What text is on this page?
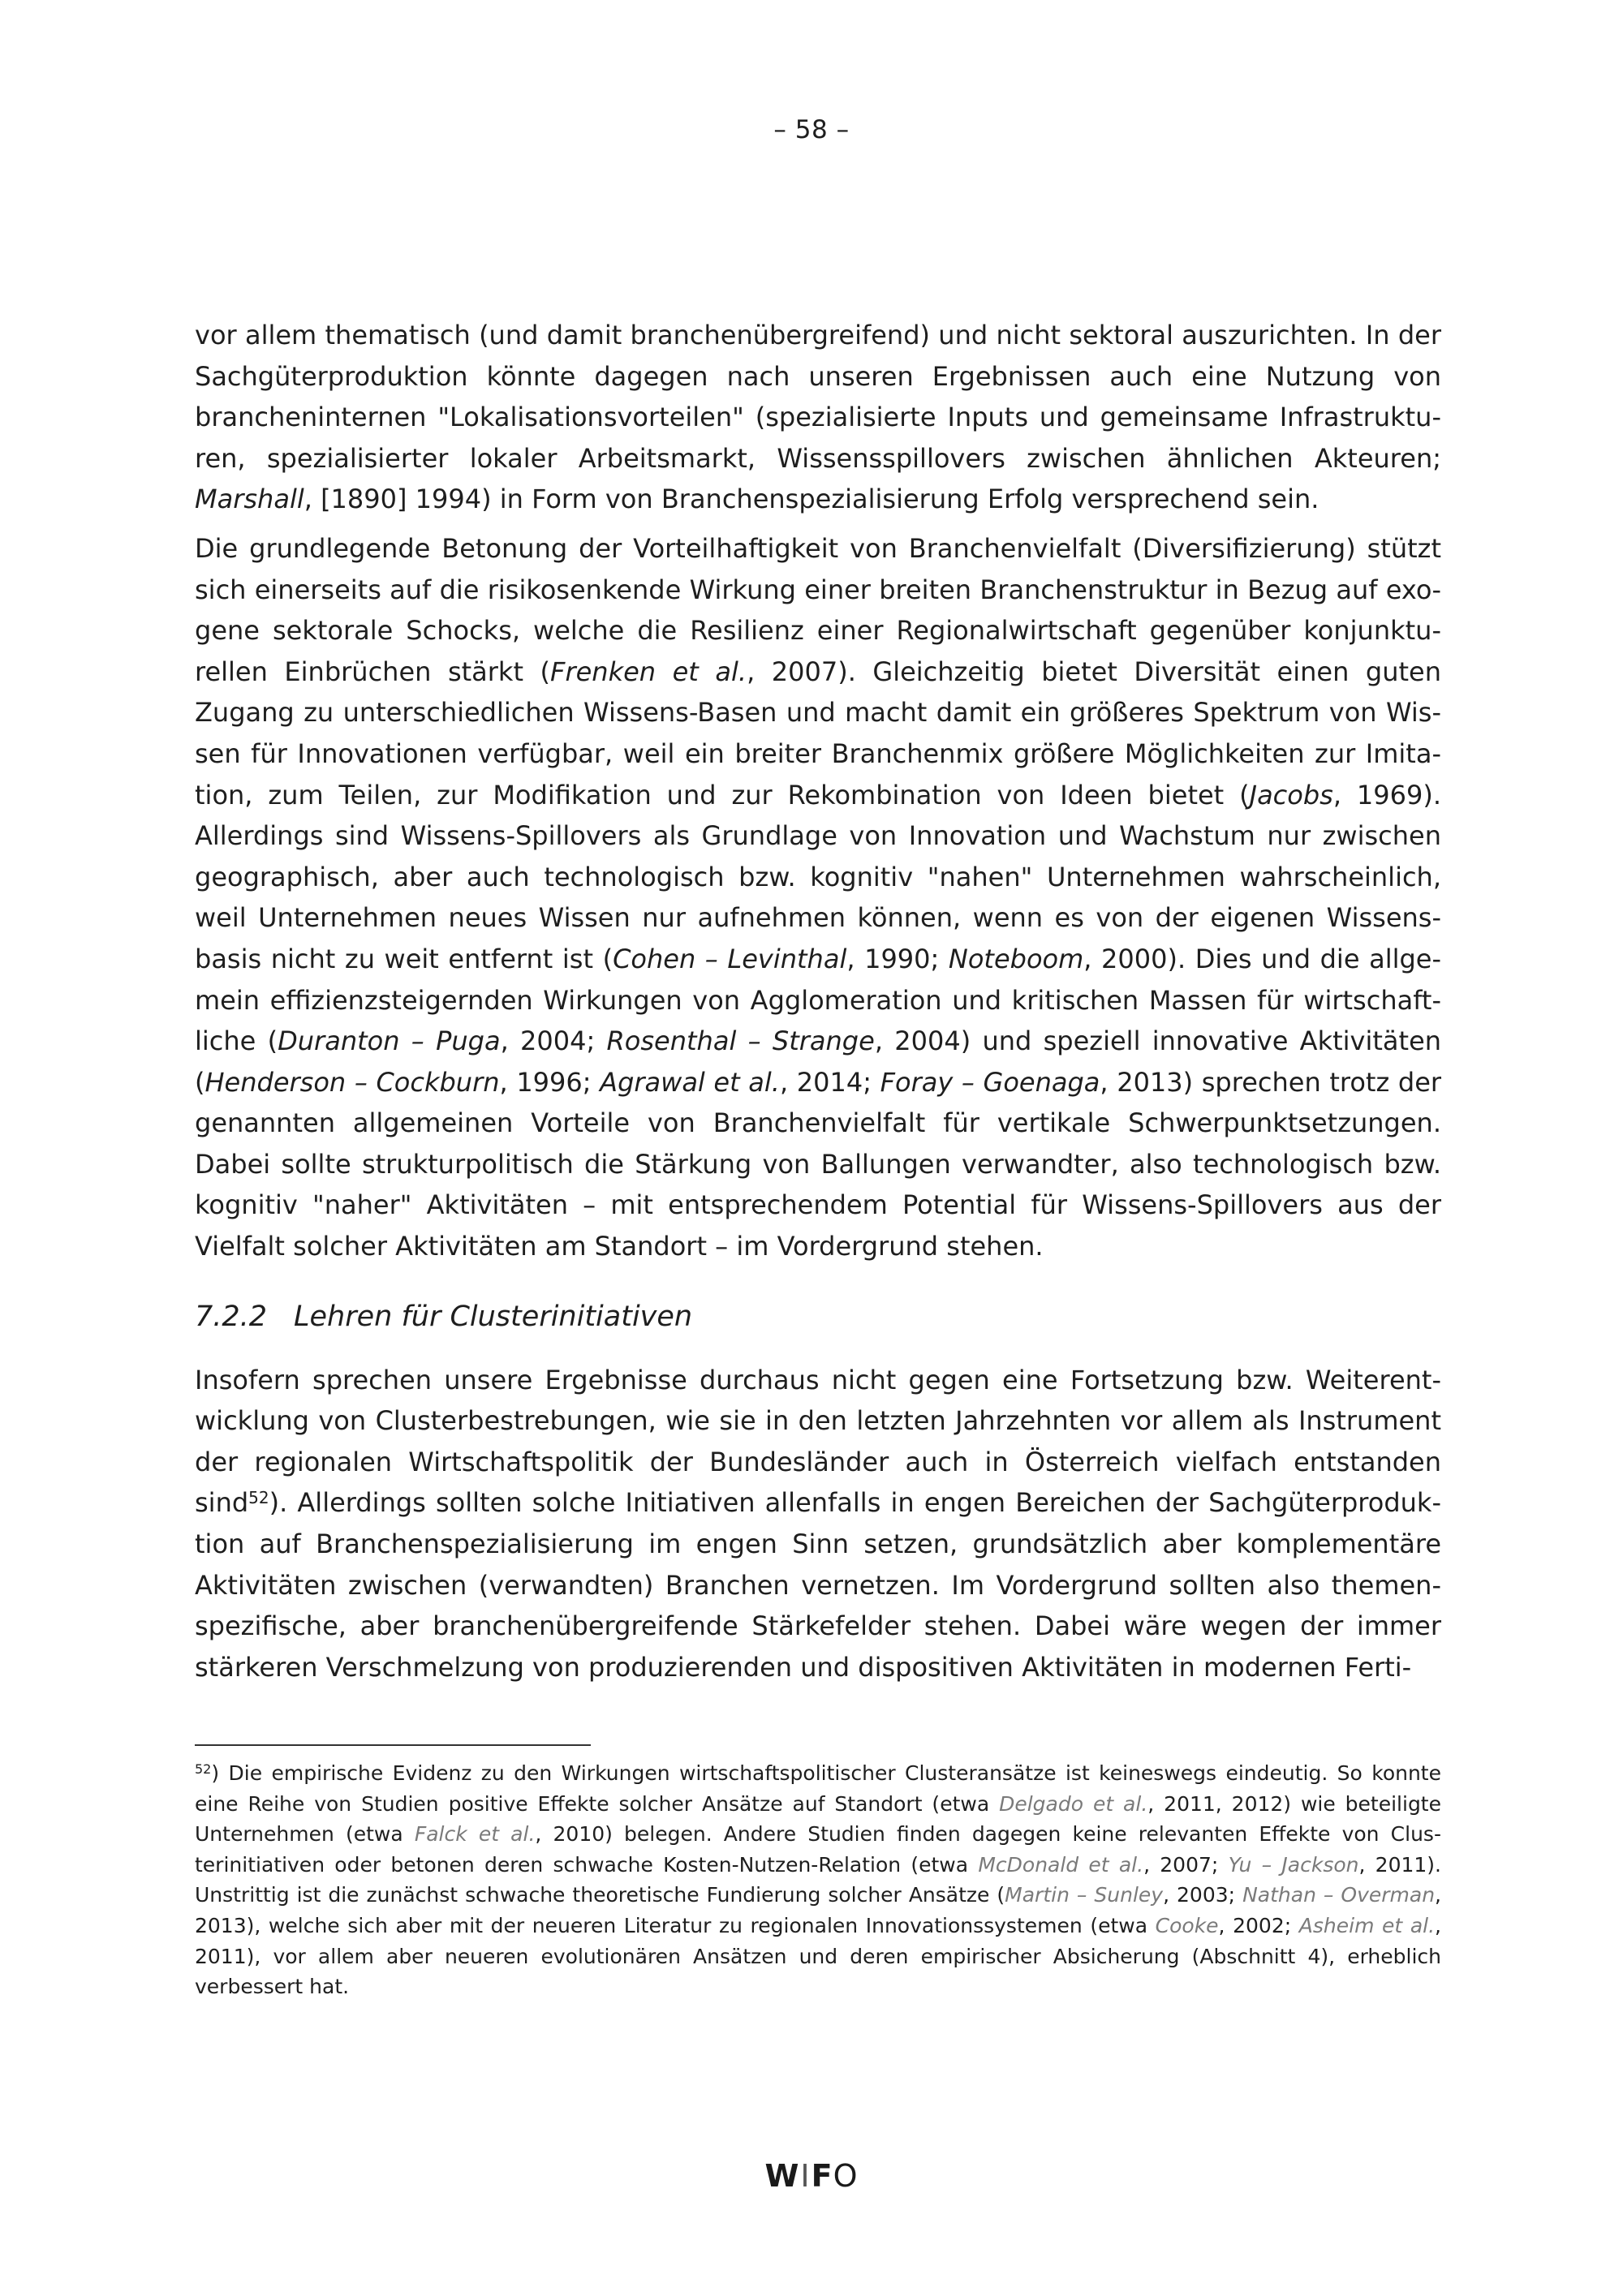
– 58 –

vor allem thematisch (und damit branchenübergreifend) und nicht sektoral auszurichten. In der Sachgüterproduktion könnte dagegen nach unseren Ergebnissen auch eine Nutzung von brancheninternen "Lokalisationsvorteilen" (spezialisierte Inputs und gemeinsame Infrastrukturen, spezialisierter lokaler Arbeitsmarkt, Wissensspillovers zwischen ähnlichen Akteuren; Marshall, [1890] 1994) in Form von Branchenspezialisierung Erfolg versprechend sein.

Die grundlegende Betonung der Vorteilhaftigkeit von Branchenvielfalt (Diversifizierung) stützt sich einerseits auf die risikosenkende Wirkung einer breiten Branchenstruktur in Bezug auf exogene sektorale Schocks, welche die Resilienz einer Regionalwirtschaft gegenüber konjunkturellen Einbrüchen stärkt (Frenken et al., 2007). Gleichzeitig bietet Diversität einen guten Zugang zu unterschiedlichen Wissens-Basen und macht damit ein größeres Spektrum von Wissen für Innovationen verfügbar, weil ein breiter Branchenmix größere Möglichkeiten zur Imitation, zum Teilen, zur Modifikation und zur Rekombination von Ideen bietet (Jacobs, 1969). Allerdings sind Wissens-Spillovers als Grundlage von Innovation und Wachstum nur zwischen geographisch, aber auch technologisch bzw. kognitiv "nahen" Unternehmen wahrscheinlich, weil Unternehmen neues Wissen nur aufnehmen können, wenn es von der eigenen Wissensbasis nicht zu weit entfernt ist (Cohen – Levinthal, 1990; Noteboom, 2000). Dies und die allgemein effizienzsteigernden Wirkungen von Agglomeration und kritischen Massen für wirtschaftliche (Duranton – Puga, 2004; Rosenthal – Strange, 2004) und speziell innovative Aktivitäten (Henderson – Cockburn, 1996; Agrawal et al., 2014; Foray – Goenaga, 2013) sprechen trotz der genannten allgemeinen Vorteile von Branchenvielfalt für vertikale Schwerpunktsetzungen. Dabei sollte strukturpolitisch die Stärkung von Ballungen verwandter, also technologisch bzw. kognitiv "naher" Aktivitäten – mit entsprechendem Potential für Wissens-Spillovers aus der Vielfalt solcher Aktivitäten am Standort – im Vordergrund stehen.

7.2.2 Lehren für Clusterinitiativen

Insofern sprechen unsere Ergebnisse durchaus nicht gegen eine Fortsetzung bzw. Weiterentwicklung von Clusterbestrebungen, wie sie in den letzten Jahrzehnten vor allem als Instrument der regionalen Wirtschaftspolitik der Bundesländer auch in Österreich vielfach entstanden sind$^{52}$). Allerdings sollten solche Initiativen allenfalls in engen Bereichen der Sachgüterproduktion auf Branchenspezialisierung im engen Sinn setzen, grundsätzlich aber komplementäre Aktivitäten zwischen (verwandten) Branchen vernetzen. Im Vordergrund sollten also themenspezifische, aber branchenübergreifende Stärkefelder stehen. Dabei wäre wegen der immer stärkeren Verschmelzung von produzierenden und dispositiven Aktivitäten in modernen Ferti-

$^{52}$) Die empirische Evidenz zu den Wirkungen wirtschaftspolitischer Clusteransätze ist keineswegs eindeutig. So konnte eine Reihe von Studien positive Effekte solcher Ansätze auf Standort (etwa Delgado et al., 2011, 2012) wie beteiligte Unternehmen (etwa Falck et al., 2010) belegen. Andere Studien finden dagegen keine relevanten Effekte von Clusterinitiativen oder betonen deren schwache Kosten-Nutzen-Relation (etwa McDonald et al., 2007; Yu – Jackson, 2011). Unstrittig ist die zunächst schwache theoretische Fundierung solcher Ansätze (Martin – Sunley, 2003; Nathan – Overman, 2013), welche sich aber mit der neueren Literatur zu regionalen Innovationssystemen (etwa Cooke, 2002; Asheim et al., 2011), vor allem aber neueren evolutionären Ansätzen und deren empirischer Absicherung (Abschnitt 4), erheblich verbessert hat.

WIFO
